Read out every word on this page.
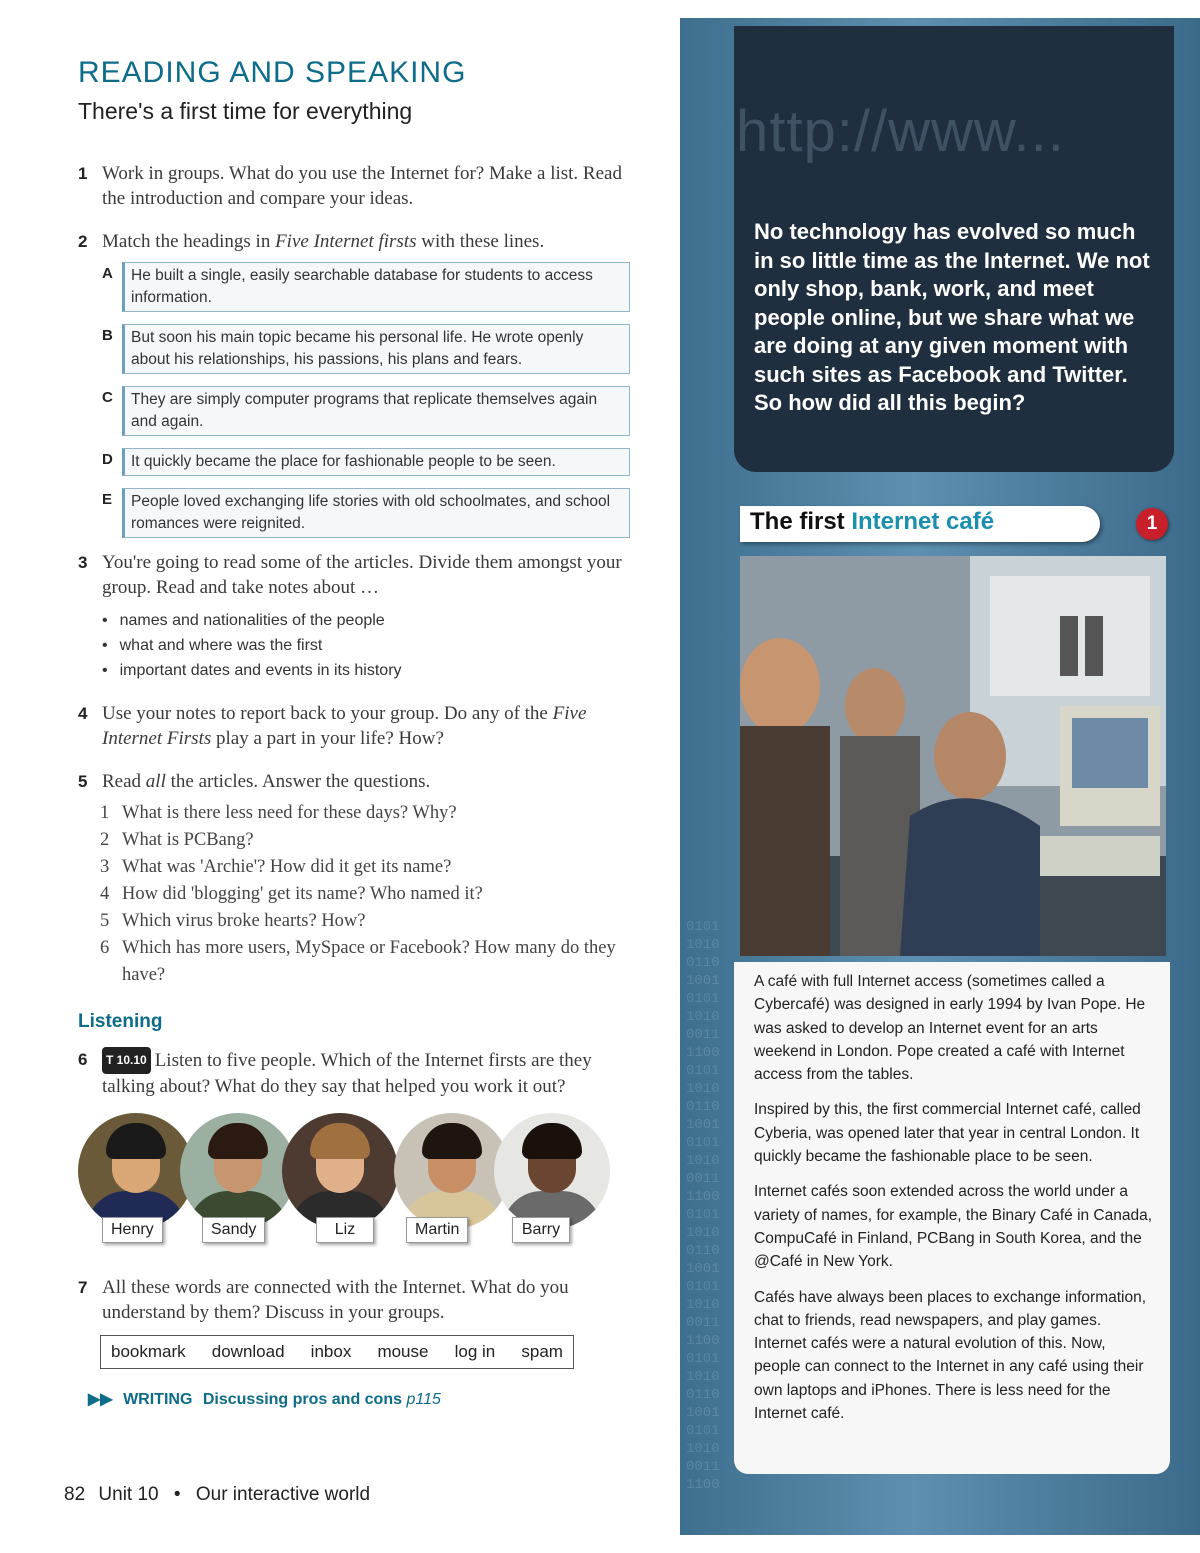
READING AND SPEAKING
There's a first time for everything
1 Work in groups. What do you use the Internet for? Make a list. Read the introduction and compare your ideas.
2 Match the headings in Five Internet firsts with these lines.
A	He built a single, easily searchable database for students to access information.
B	But soon his main topic became his personal life. He wrote openly about his relationships, his passions, his plans and fears.
C	They are simply computer programs that replicate themselves again and again.
D	It quickly became the place for fashionable people to be seen.
E	People loved exchanging life stories with old schoolmates, and school romances were reignited.
3 You're going to read some of the articles. Divide them amongst your group. Read and take notes about …
• names and nationalities of the people
• what and where was the first
• important dates and events in its history
4 Use your notes to report back to your group. Do any of the Five Internet Firsts play a part in your life? How?
5 Read all the articles. Answer the questions.
1 What is there less need for these days? Why?
2 What is PCBang?
3 What was 'Archie'? How did it get its name?
4 How did 'blogging' get its name? Who named it?
5 Which virus broke hearts? How?
6 Which has more users, MySpace or Facebook? How many do they have?
Listening
6 T 10.10 Listen to five people. Which of the Internet firsts are they talking about? What do they say that helped you work it out?
Henry	Sandy	Liz	Martin	Barry
7 All these words are connected with the Internet. What do you understand by them? Discuss in your groups.
bookmark download inbox mouse log in spam
▶▶ WRITING Discussing pros and cons p115
82 Unit 10 • Our interactive world
0101
1010
0110
1001
0101
1010
0011
1100
0101
1010
0110
1001
0101
1010
0011
1100
0101
1010
0110
1001
0101
1010
0011
1100
0101
1010
0110
1001
0101
1010
0011
1100
http://www...
No technology has evolved so much in so little time as the Internet. We not only shop, bank, work, and meet people online, but we share what we are doing at any given moment with such sites as Facebook and Twitter. So how did all this begin?
The first Internet café	1

A café with full Internet access (sometimes called a Cybercafé) was designed in early 1994 by Ivan Pope. He was asked to develop an Internet event for an arts weekend in London. Pope created a café with Internet access from the tables.

Inspired by this, the first commercial Internet café, called Cyberia, was opened later that year in central London. It quickly became the fashionable place to be seen.

Internet cafés soon extended across the world under a variety of names, for example, the Binary Café in Canada, CompuCafé in Finland, PCBang in South Korea, and the @Café in New York.

Cafés have always been places to exchange information, chat to friends, read newspapers, and play games. Internet cafés were a natural evolution of this. Now, people can connect to the Internet in any café using their own laptops and iPhones. There is less need for the Internet café.
